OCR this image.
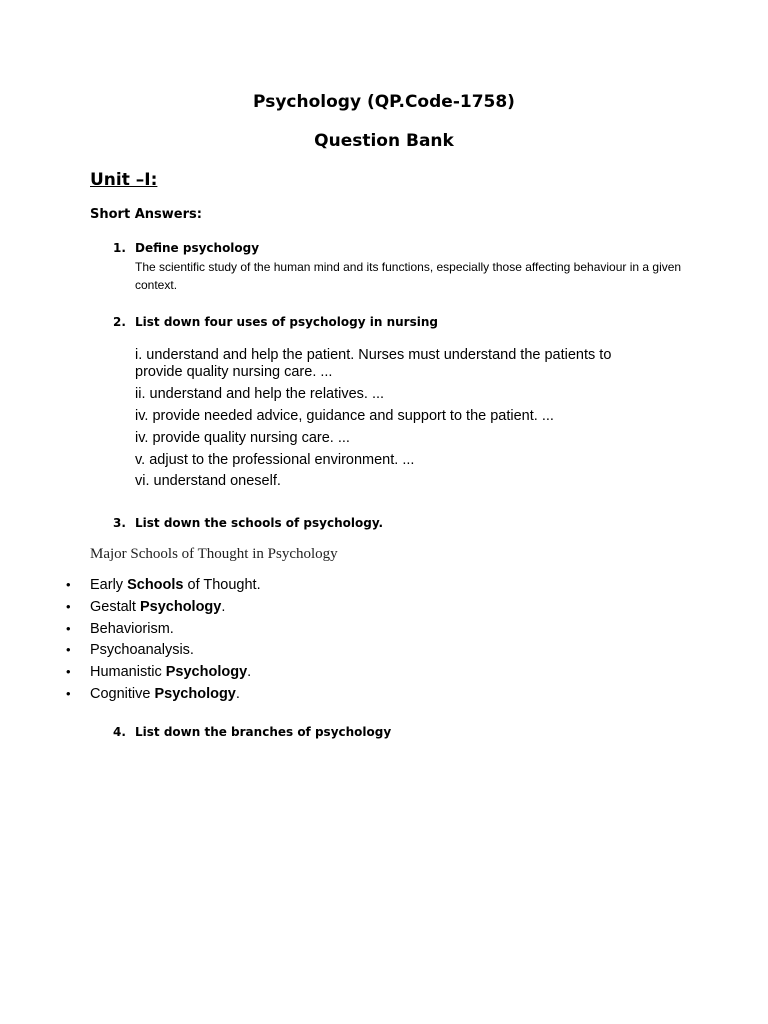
Psychology (QP.Code-1758)
Question Bank
Unit –I:
Short Answers:
1. Define psychology
The scientific study of the human mind and its functions, especially those affecting behaviour in a given context.
2. List down four uses of psychology in nursing
i. understand and help the patient. Nurses must understand the patients to provide quality nursing care. ...
ii. understand and help the relatives. ...
iv. provide needed advice, guidance and support to the patient. ...
iv. provide quality nursing care. ...
v. adjust to the professional environment. ...
vi. understand oneself.
3. List down the schools of psychology.
Major Schools of Thought in Psychology
• Early Schools of Thought.
• Gestalt Psychology.
• Behaviorism.
• Psychoanalysis.
• Humanistic Psychology.
• Cognitive Psychology.
4. List down the branches of psychology
